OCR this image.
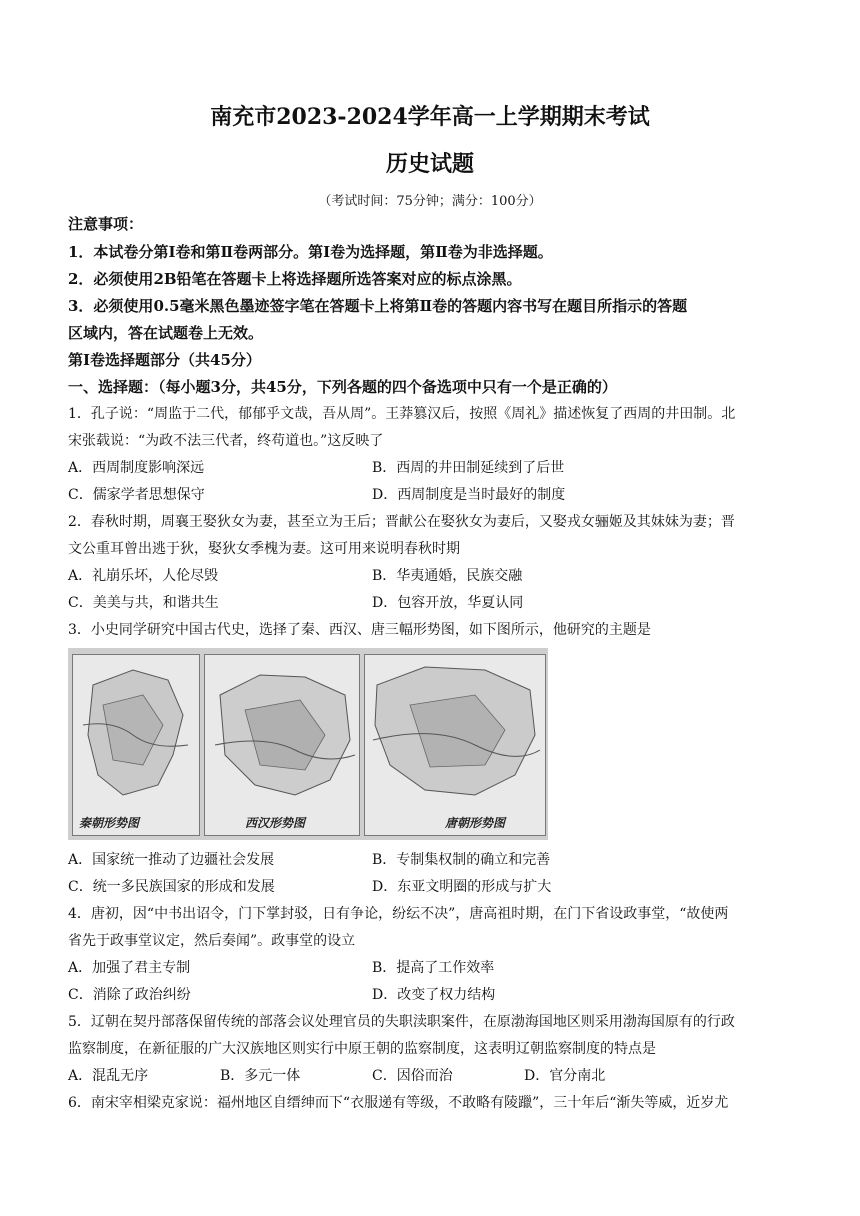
南充市2023-2024学年高一上学期期末考试
历史试题
（考试时间：75分钟；满分：100分）
注意事项：
1．本试卷分第Ⅰ卷和第Ⅱ卷两部分。第Ⅰ卷为选择题，第Ⅱ卷为非选择题。
2．必须使用2B铅笔在答题卡上将选择题所选答案对应的标点涂黑。
3．必须使用0.5毫米黑色墨迹签字笔在答题卡上将第Ⅱ卷的答题内容书写在题目所指示的答题
区域内，答在试题卷上无效。
第Ⅰ卷选择题部分（共45分）
一、选择题：（每小题3分，共45分，下列各题的四个备选项中只有一个是正确的）
1．孔子说：“周监于二代，郁郁乎文哉，吾从周”。王莽篡汉后，按照《周礼》描述恢复了西周的井田制。北
宋张载说：“为政不法三代者，终苟道也。”这反映了
A．西周制度影响深远	B．西周的井田制延续到了后世
C．儒家学者思想保守	D．西周制度是当时最好的制度
2．春秋时期，周襄王娶狄女为妻，甚至立为王后；晋献公在娶狄女为妻后，又娶戎女骊姬及其妹妹为妻；晋
文公重耳曾出逃于狄，娶狄女季槐为妻。这可用来说明春秋时期
A．礼崩乐坏，人伦尽毁	B．华夷通婚，民族交融
C．美美与共，和谐共生	D．包容开放，华夏认同
3．小史同学研究中国古代史，选择了秦、西汉、唐三幅形势图，如下图所示，他研究的主题是
秦朝形势图	西汉形势图	唐朝形势图
A．国家统一推动了边疆社会发展	B．专制集权制的确立和完善
C．统一多民族国家的形成和发展	D．东亚文明圈的形成与扩大
4．唐初，因“中书出诏令，门下掌封驳，日有争论，纷纭不决”，唐高祖时期，在门下省设政事堂，“故使两
省先于政事堂议定，然后奏闻”。政事堂的设立
A．加强了君主专制	B．提高了工作效率
C．消除了政治纠纷	D．改变了权力结构
5．辽朝在契丹部落保留传统的部落会议处理官员的失职渎职案件，在原渤海国地区则采用渤海国原有的行政
监察制度，在新征服的广大汉族地区则实行中原王朝的监察制度，这表明辽朝监察制度的特点是
A．混乱无序	B．多元一体	C．因俗而治	D．官分南北
6．南宋宰相梁克家说：福州地区自缙绅而下“衣服递有等级，不敢略有陵躐”，三十年后“渐失等威，近岁尤
